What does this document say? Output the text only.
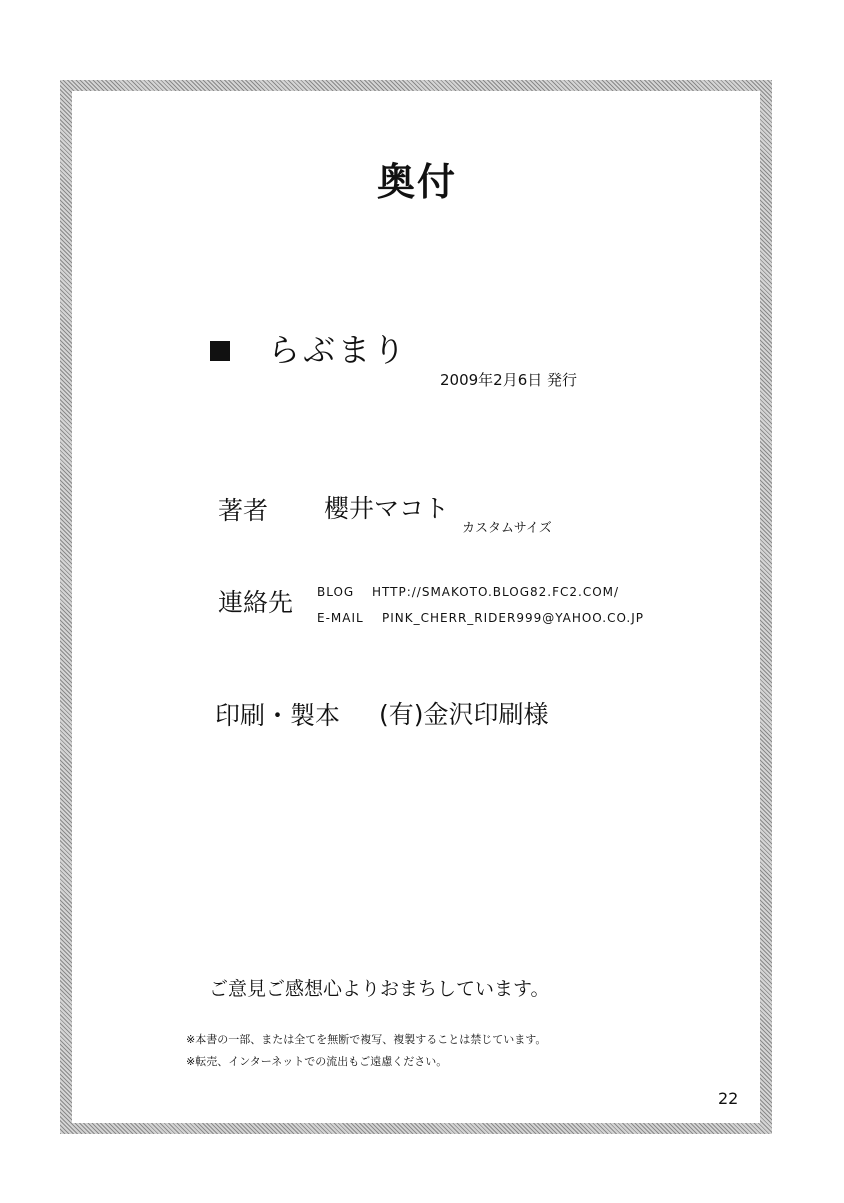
奥付
らぶまり
2009年2月6日 発行
著者 櫻井マコト
カスタムサイズ
連絡先 BLOG HTTP://SMAKOTO.BLOG82.FC2.COM/
E-MAIL PINK_CHERR_RIDER999@YAHOO.CO.JP
印刷・製本 (有)金沢印刷様
ご意見ご感想心よりおまちしています。
※本書の一部、または全てを無断で複写、複製することは禁じています。
※転売、インターネットでの流出もご遠慮ください。
22
